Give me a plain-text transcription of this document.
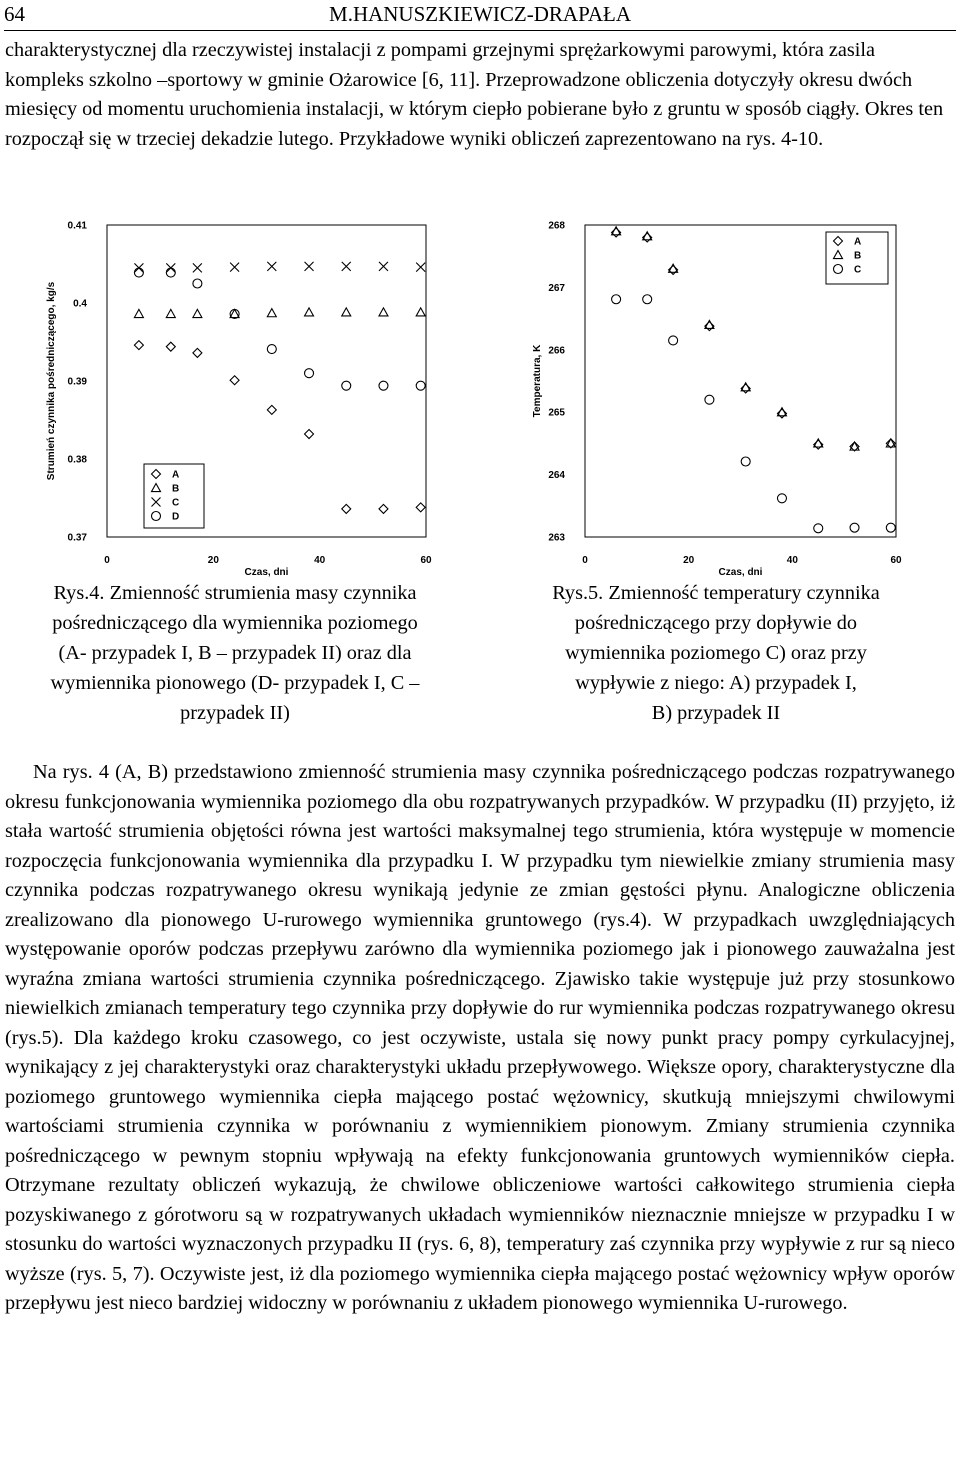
64	M.HANUSZKIEWICZ-DRAPAŁA
charakterystycznej dla rzeczywistej instalacji z pompami grzejnymi sprężarkowymi parowymi, która zasila kompleks szkolno –sportowy w gminie Ożarowice [6, 11]. Przeprowadzone obliczenia dotyczyły okresu dwóch miesięcy od momentu uruchomienia instalacji, w którym ciepło pobierane było z gruntu w sposób ciągły. Okres ten rozpoczął się w trzeciej dekadzie lutego. Przykładowe wyniki obliczeń zaprezentowano na rys. 4-10.
0.41
0.4
0.39
0.38
0.37
0	20	40	60
Czas, dni
Strumień czynnika pośredniczącego, kg/s	A
B
C
D
268
267
266
265
264
263
0	20	40	60
Czas, dni
Temperatura, K
A
B
C
Rys.4. Zmienność strumienia masy czynnika
pośredniczącego dla wymiennika poziomego
(A- przypadek I, B – przypadek II) oraz dla
wymiennika pionowego (D- przypadek I, C –
przypadek II)
Rys.5. Zmienność temperatury czynnika
pośredniczącego przy dopływie do
wymiennika poziomego C) oraz przy
wypływie z niego: A) przypadek I,
B) przypadek II
Na rys. 4 (A, B) przedstawiono zmienność strumienia masy czynnika pośredniczącego podczas rozpatrywanego okresu funkcjonowania wymiennika poziomego dla obu rozpatrywanych przypadków. W przypadku (II) przyjęto, iż stała wartość strumienia objętości równa jest wartości maksymalnej tego strumienia, która występuje w momencie rozpoczęcia funkcjonowania wymiennika dla przypadku I. W przypadku tym niewielkie zmiany strumienia masy czynnika podczas rozpatrywanego okresu wynikają jedynie ze zmian gęstości płynu. Analogiczne obliczenia zrealizowano dla pionowego U-rurowego wymiennika gruntowego (rys.4). W przypadkach uwzględniających występowanie oporów podczas przepływu zarówno dla wymiennika poziomego jak i pionowego zauważalna jest wyraźna zmiana wartości strumienia czynnika pośredniczącego. Zjawisko takie występuje już przy stosunkowo niewielkich zmianach temperatury tego czynnika przy dopływie do rur wymiennika podczas rozpatrywanego okresu (rys.5). Dla każdego kroku czasowego, co jest oczywiste, ustala się nowy punkt pracy pompy cyrkulacyjnej, wynikający z jej charakterystyki oraz charakterystyki układu przepływowego. Większe opory, charakterystyczne dla poziomego gruntowego wymiennika ciepła mającego postać wężownicy, skutkują mniejszymi chwilowymi wartościami strumienia czynnika w porównaniu z wymiennikiem pionowym. Zmiany strumienia czynnika pośredniczącego w pewnym stopniu wpływają na efekty funkcjonowania gruntowych wymienników ciepła. Otrzymane rezultaty obliczeń wykazują, że chwilowe obliczeniowe wartości całkowitego strumienia ciepła pozyskiwanego z górotworu są w rozpatrywanych układach wymienników nieznacznie mniejsze w przypadku I w stosunku do wartości wyznaczonych przypadku II (rys. 6, 8), temperatury zaś czynnika przy wypływie z rur są nieco wyższe (rys. 5, 7). Oczywiste jest, iż dla poziomego wymiennika ciepła mającego postać wężownicy wpływ oporów przepływu jest nieco bardziej widoczny w porównaniu z układem pionowego wymiennika U-rurowego.
